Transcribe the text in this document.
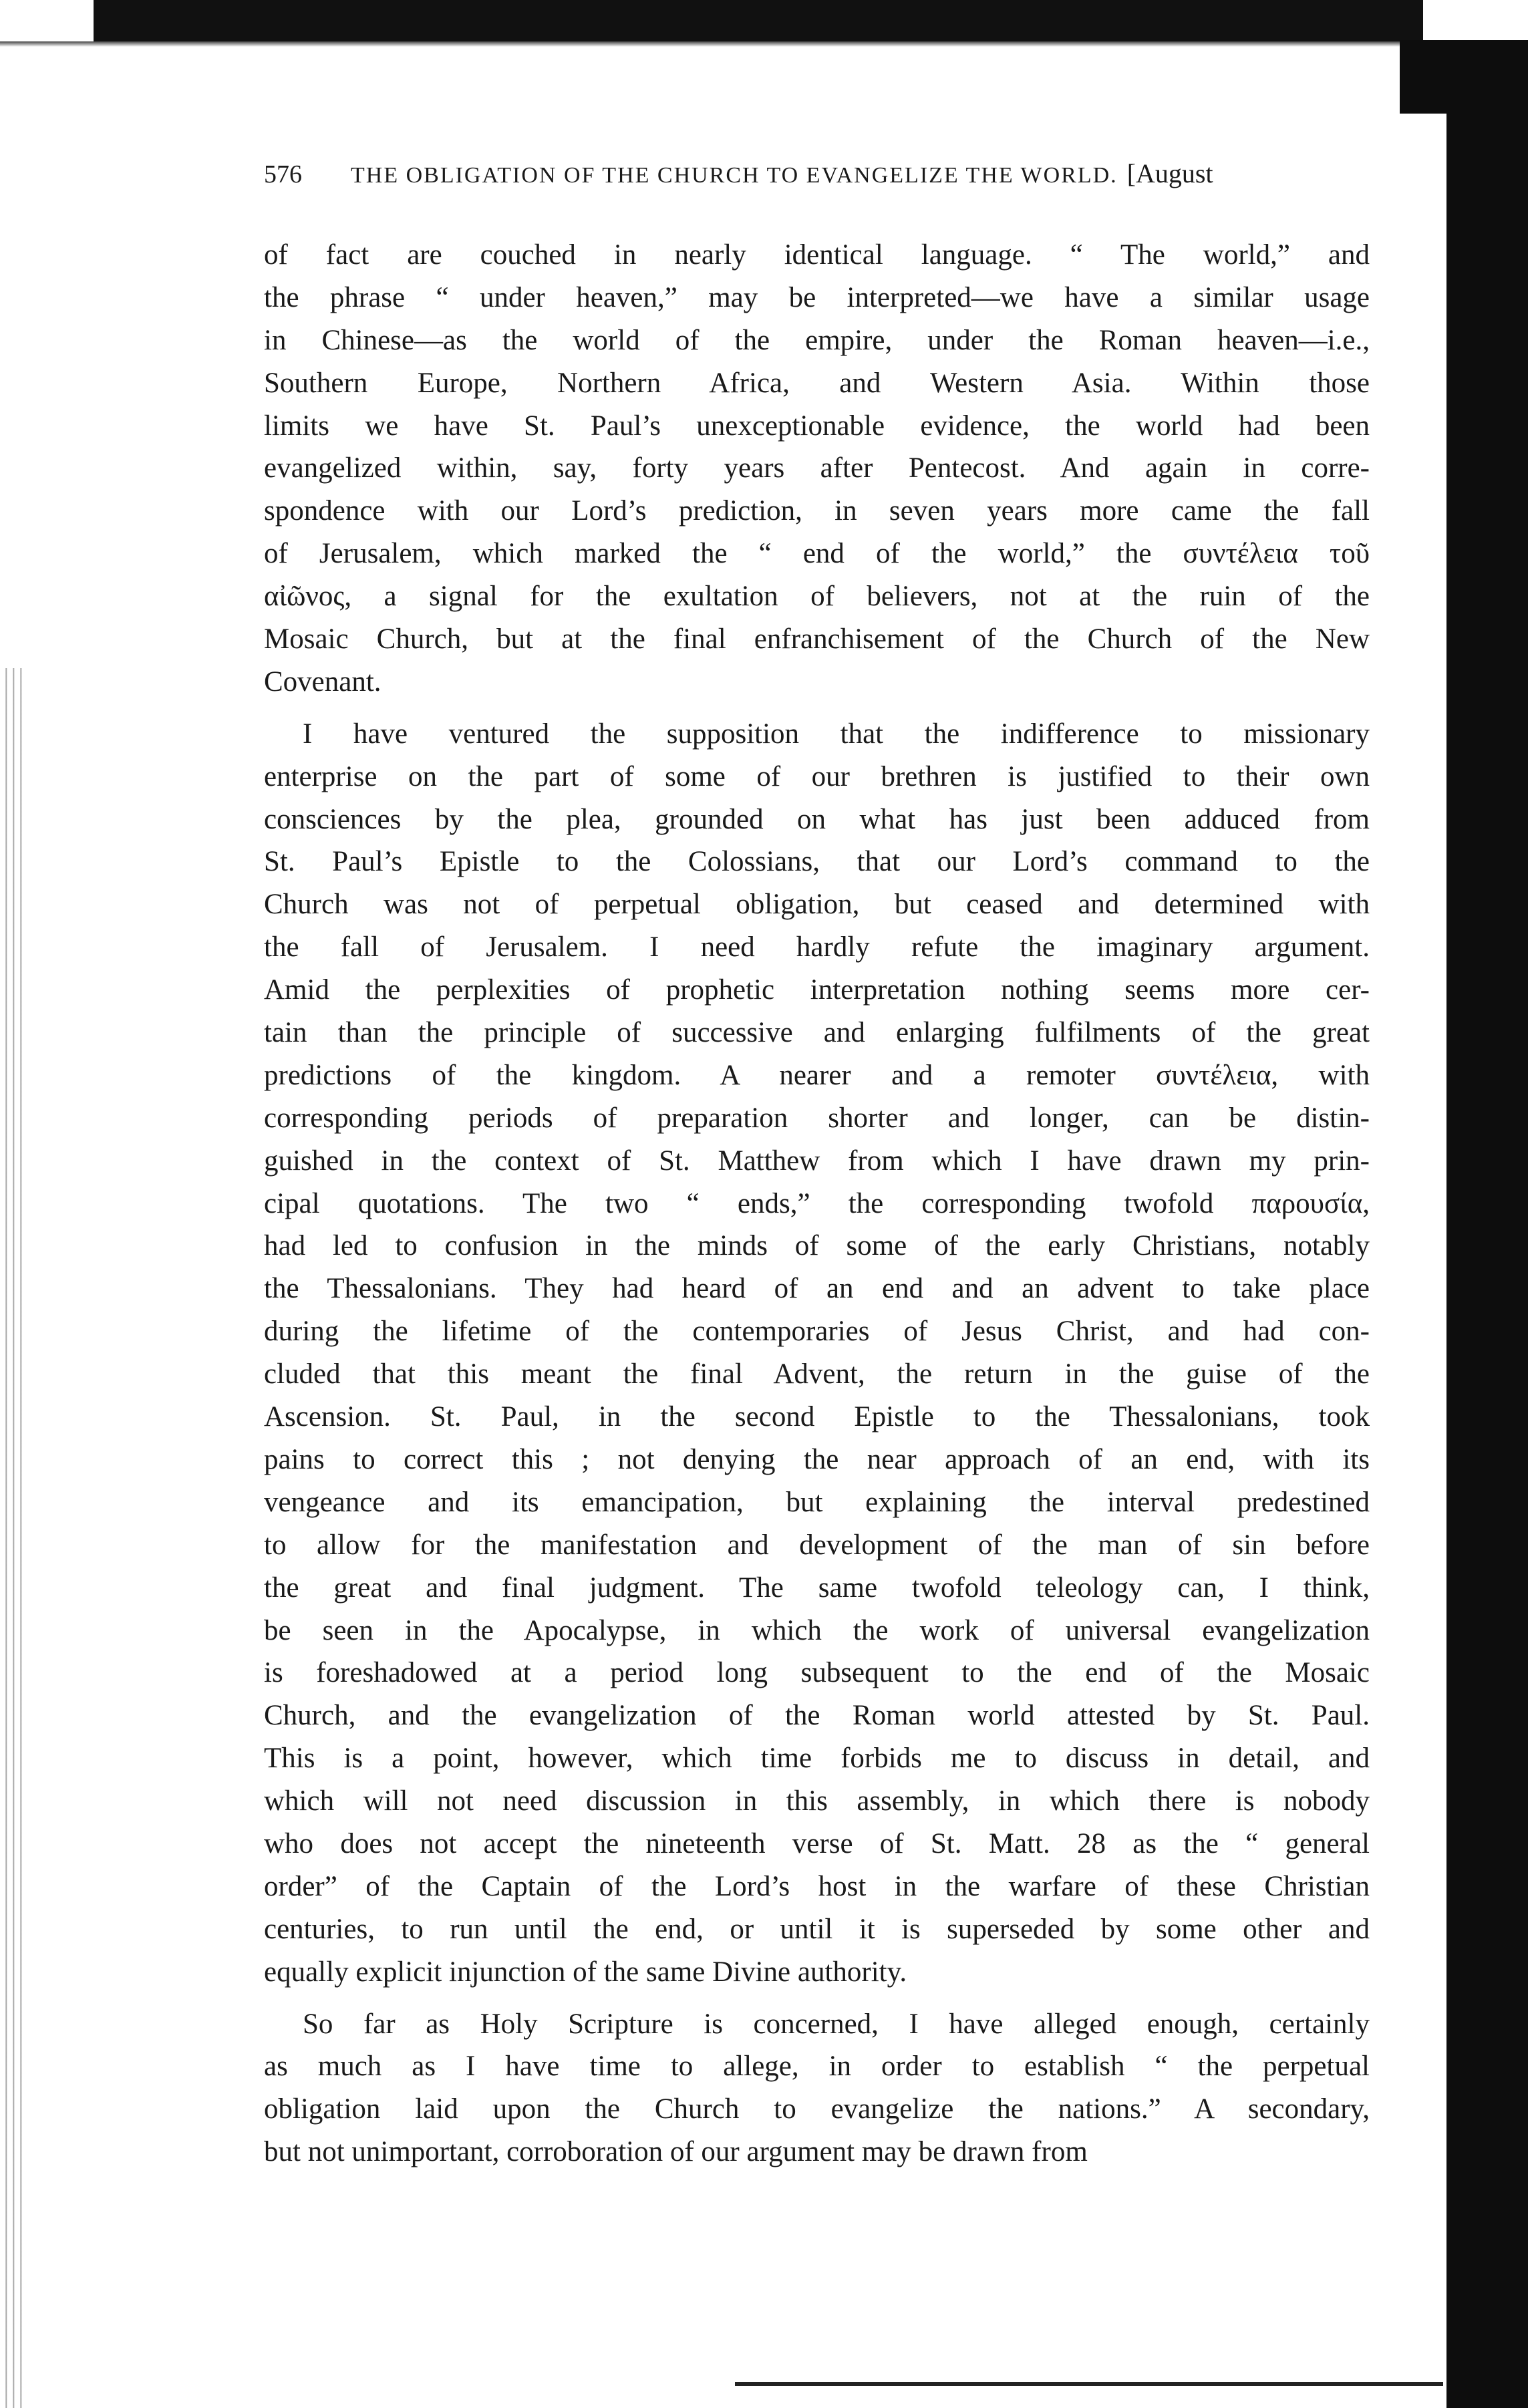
576	THE OBLIGATION OF THE CHURCH TO EVANGELIZE THE WORLD. [August
of fact are couched in nearly identical language. “ The world,” and
the phrase “ under heaven,” may be interpreted—we have a similar usage
in Chinese—as the world of the empire, under the Roman heaven—i.e.,
Southern Europe, Northern Africa, and Western Asia. Within those
limits we have St. Paul’s unexceptionable evidence, the world had been
evangelized within, say, forty years after Pentecost. And again in corre-
spondence with our Lord’s prediction, in seven years more came the fall
of Jerusalem, which marked the “ end of the world,” the συντέλεια τοῦ
αἰῶνος, a signal for the exultation of believers, not at the ruin of the
Mosaic Church, but at the final enfranchisement of the Church of the New
Covenant.
I have ventured the supposition that the indifference to missionary
enterprise on the part of some of our brethren is justified to their own
consciences by the plea, grounded on what has just been adduced from
St. Paul’s Epistle to the Colossians, that our Lord’s command to the
Church was not of perpetual obligation, but ceased and determined with
the fall of Jerusalem. I need hardly refute the imaginary argument.
Amid the perplexities of prophetic interpretation nothing seems more cer-
tain than the principle of successive and enlarging fulfilments of the great
predictions of the kingdom. A nearer and a remoter συντέλεια, with
corresponding periods of preparation shorter and longer, can be distin-
guished in the context of St. Matthew from which I have drawn my prin-
cipal quotations. The two “ ends,” the corresponding twofold παρουσία,
had led to confusion in the minds of some of the early Christians, notably
the Thessalonians. They had heard of an end and an advent to take place
during the lifetime of the contemporaries of Jesus Christ, and had con-
cluded that this meant the final Advent, the return in the guise of the
Ascension. St. Paul, in the second Epistle to the Thessalonians, took
pains to correct this ; not denying the near approach of an end, with its
vengeance and its emancipation, but explaining the interval predestined
to allow for the manifestation and development of the man of sin before
the great and final judgment. The same twofold teleology can, I think,
be seen in the Apocalypse, in which the work of universal evangelization
is foreshadowed at a period long subsequent to the end of the Mosaic
Church, and the evangelization of the Roman world attested by St. Paul.
This is a point, however, which time forbids me to discuss in detail, and
which will not need discussion in this assembly, in which there is nobody
who does not accept the nineteenth verse of St. Matt. 28 as the “ general
order” of the Captain of the Lord’s host in the warfare of these Christian
centuries, to run until the end, or until it is superseded by some other and
equally explicit injunction of the same Divine authority.
So far as Holy Scripture is concerned, I have alleged enough, certainly
as much as I have time to allege, in order to establish “ the perpetual
obligation laid upon the Church to evangelize the nations.” A secondary,
but not unimportant, corroboration of our argument may be drawn from
